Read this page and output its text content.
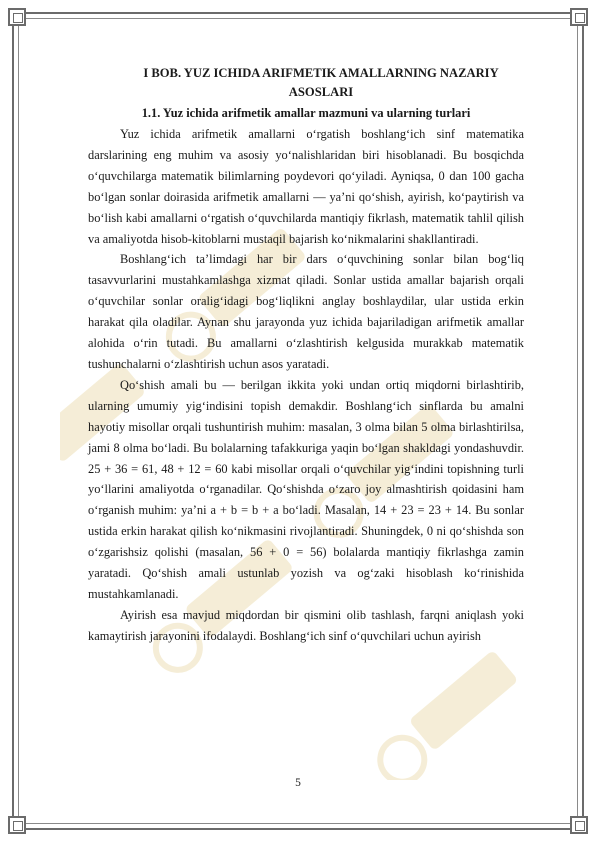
I BOB. YUZ ICHIDA ARIFMETIK AMALLARNING NAZARIY ASOSLARI
1.1. Yuz ichida arifmetik amallar mazmuni va ularning turlari

Yuz ichida arifmetik amallarni o‘rgatish boshlang‘ich sinf matematika darslarining eng muhim va asosiy yo‘nalishlaridan biri hisoblanadi. Bu bosqichda o‘quvchilarga matematik bilimlarning poydevori qo‘yiladi. Ayniqsa, 0 dan 100 gacha bo‘lgan sonlar doirasida arifmetik amallarni — ya’ni qo‘shish, ayirish, ko‘paytirish va bo‘lish kabi amallarni o‘rgatish o‘quvchilarda mantiqiy fikrlash, matematik tahlil qilish va amaliyotda hisob-kitoblarni mustaqil bajarish ko‘nikmalarini shakllantiradi.

Boshlang‘ich ta’limdagi har bir dars o‘quvchining sonlar bilan bog‘liq tasavvurlarini mustahkamlashga xizmat qiladi. Sonlar ustida amallar bajarish orqali o‘quvchilar sonlar oralig‘idagi bog‘liqlikni anglay boshlaydilar, ular ustida erkin harakat qila oladilar. Aynan shu jarayonda yuz ichida bajariladigan arifmetik amallar alohida o‘rin tutadi. Bu amallarni o‘zlashtirish kelgusida murakkab matematik tushunchalarni o‘zlashtirish uchun asos yaratadi.

Qo‘shish amali bu — berilgan ikkita yoki undan ortiq miqdorni birlashtirib, ularning umumiy yig‘indisini topish demakdir. Boshlang‘ich sinflarda bu amalni hayotiy misollar orqali tushuntirish muhim: masalan, 3 olma bilan 5 olma birlashtirilsa, jami 8 olma bo‘ladi. Bu bolalarning tafakkuriga yaqin bo‘lgan shakldagi yondashuvdir. 25 + 36 = 61, 48 + 12 = 60 kabi misollar orqali o‘quvchilar yig‘indini topishning turli yo‘llarini amaliyotda o‘rganadilar. Qo‘shishda o‘zaro joy almashtirish qoidasini ham o‘rganish muhim: ya’ni a + b = b + a bo‘ladi. Masalan, 14 + 23 = 23 + 14. Bu sonlar ustida erkin harakat qilish ko‘nikmasini rivojlantiradi. Shuningdek, 0 ni qo‘shishda son o‘zgarishsiz qolishi (masalan, 56 + 0 = 56) bolalarda mantiqiy fikrlashga zamin yaratadi. Qo‘shish amali ustunlab yozish va og‘zaki hisoblash ko‘rinishida mustahkamlanadi.

Ayirish esa mavjud miqdordan bir qismini olib tashlash, farqni aniqlash yoki kamaytirish jarayonini ifodalaydi. Boshlang‘ich sinf o‘quvchilari uchun ayirish

5
